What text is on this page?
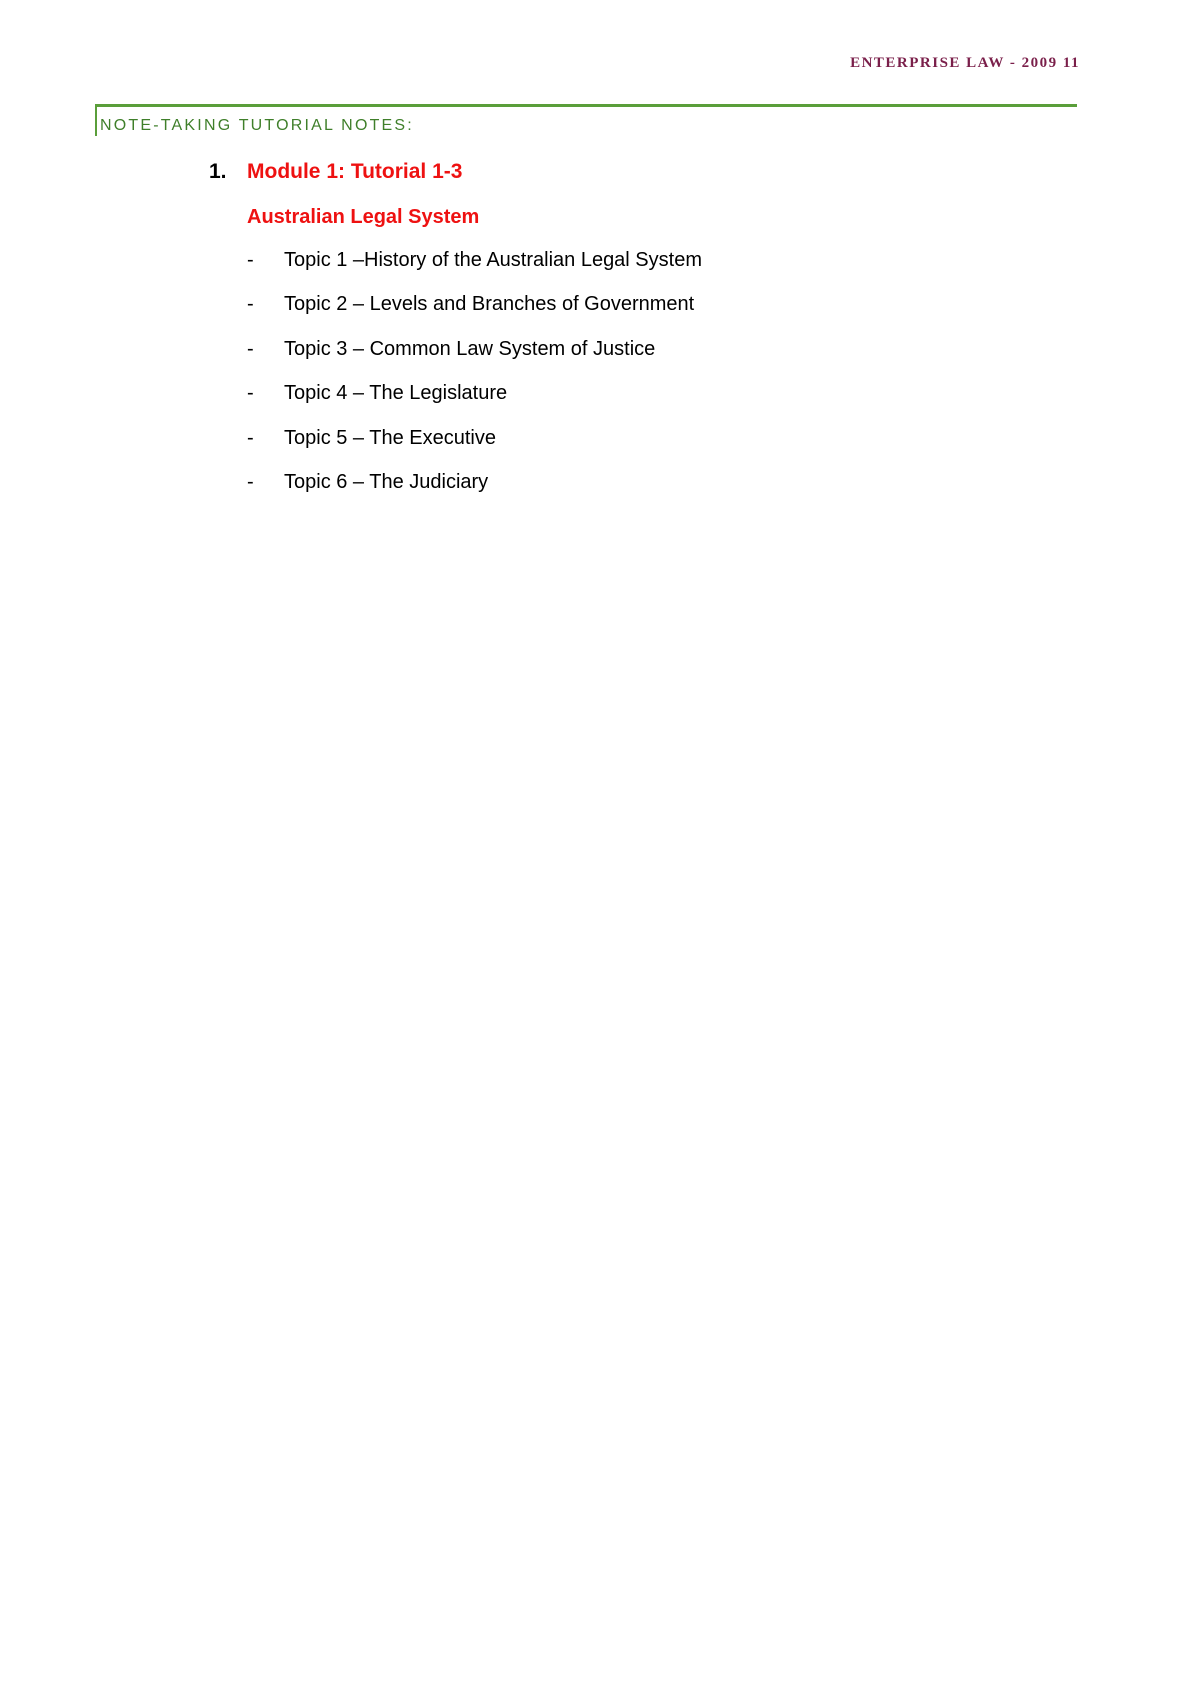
ENTERPRISE LAW - 2009 11
NOTE-TAKING TUTORIAL NOTES:
1. Module 1: Tutorial 1-3
Australian Legal System
-	Topic 1 –History of the Australian Legal System
-	Topic 2 – Levels and Branches of Government
-	Topic 3 – Common Law System of Justice
-	Topic 4 – The Legislature
-	Topic 5 – The Executive
-	Topic 6 – The Judiciary
